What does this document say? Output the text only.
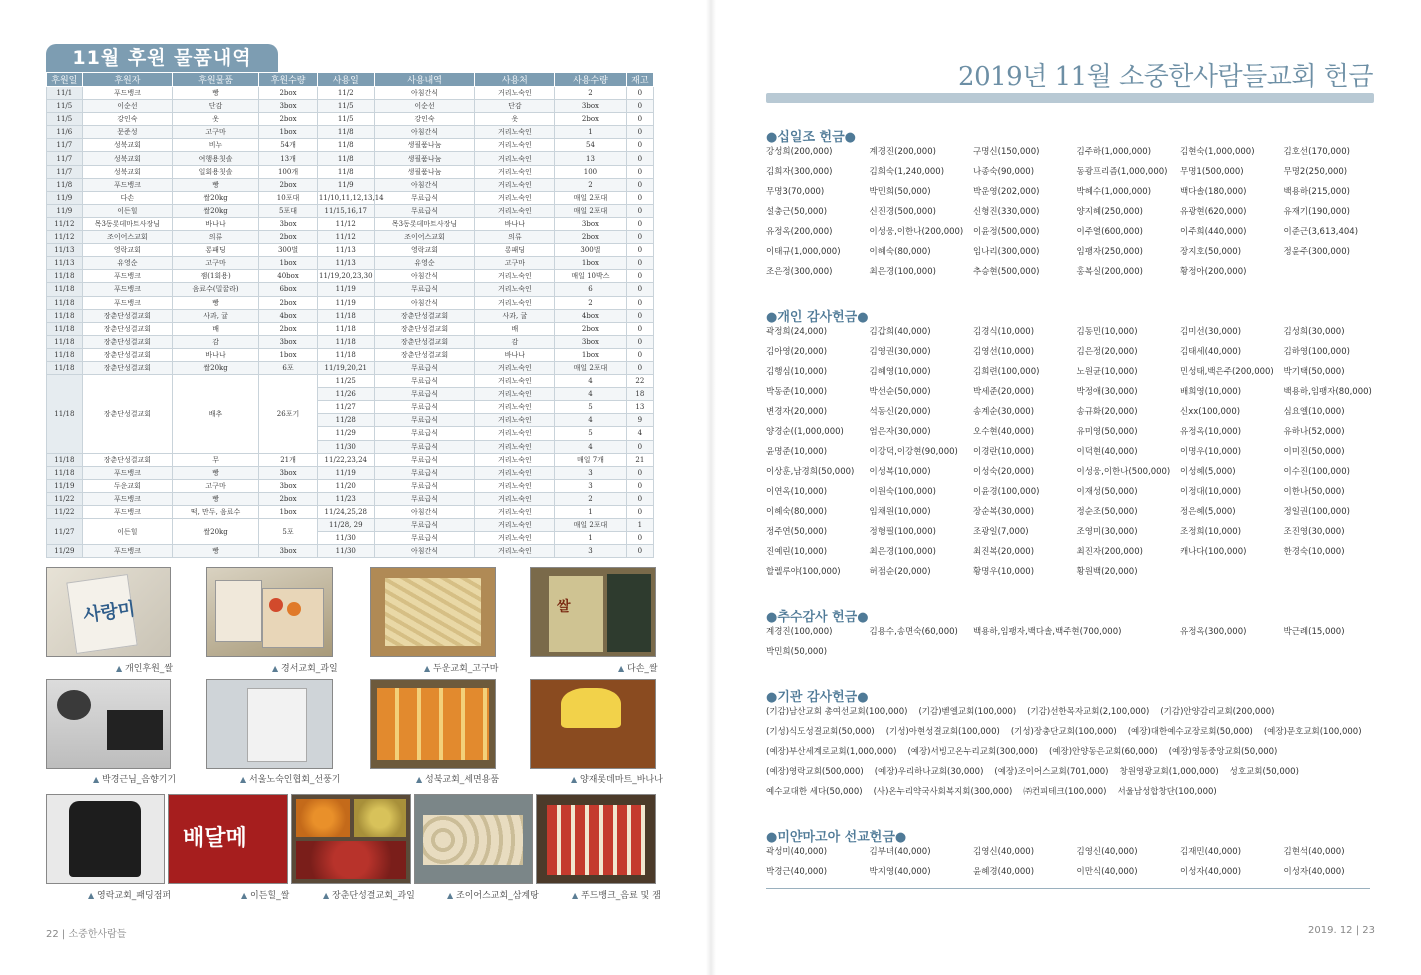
11월 후원 물품내역
후원일	후원자	후원물품	후원수량	사용일	사용내역	사용처	사용수량	재고
11/1	푸드뱅크	빵	2box	11/2	아침간식	거리노숙인	2	0
11/5	이순선	단감	3box	11/5	이순선	단감	3box	0
11/5	강인숙	옷	2box	11/5	강인숙	옷	2box	0
11/6	문준성	고구마	1box	11/8	아침간식	거리노숙인	1	0
11/7	성북교회	비누	54개	11/8	생필품나눔	거리노숙인	54	0
11/7	성북교회	여행용칫솔	13개	11/8	생필품나눔	거리노숙인	13	0
11/7	성북교회	일회용칫솔	100개	11/8	생필품나눔	거리노숙인	100	0
11/8	푸드뱅크	빵	2box	11/9	아침간식	거리노숙인	2	0
11/9	다손	쌀20kg	10포대	11/10,11,12,13,14	무료급식	거리노숙인	매일 2포대	0
11/9	이든힐	쌀20kg	5포대	11/15,16,17	무료급식	거리노숙인	매일 2포대	0
11/12	목3동롯데마트사장님	바나나	3box	11/12	목3동롯데마트사장님	바나나	3box	0
11/12	조이어스교회	의류	2box	11/12	조이어스교회	의류	2box	0
11/13	영락교회	롱패딩	300벌	11/13	영락교회	롱패딩	300벌	0
11/13	유영순	고구마	1box	11/13	유영순	고구마	1box	0
11/18	푸드뱅크	잼(1회용)	40box	11/19,20,23,30	아침간식	거리노숙인	매일 10박스	0
11/18	푸드뱅크	음료수(밀꿀라)	6box	11/19	무료급식	거리노숙인	6	0
11/18	푸드뱅크	빵	2box	11/19	아침간식	거리노숙인	2	0
11/18	장춘단성결교회	사과, 귤	4box	11/18	장춘단성결교회	사과, 귤	4box	0
11/18	장춘단성결교회	배	2box	11/18	장춘단성결교회	배	2box	0
11/18	장춘단성결교회	감	3box	11/18	장춘단성결교회	감	3box	0
11/18	장춘단성결교회	바나나	1box	11/18	장춘단성결교회	바나나	1box	0
11/18	장춘단성결교회	쌀20kg	6포	11/19,20,21	무료급식	거리노숙인	매일 2포대	0
11/18	장춘단성결교회	배추	26포기	11/25	무료급식	거리노숙인	4	22
				11/26	무료급식	거리노숙인	4	18
				11/27	무료급식	거리노숙인	5	13
				11/28	무료급식	거리노숙인	4	9
				11/29	무료급식	거리노숙인	5	4
				11/30	무료급식	거리노숙인	4	0
11/18	장춘단성결교회	무	21개	11/22,23,24	무료급식	거리노숙인	매일 7개	21
11/18	푸드뱅크	빵	3box	11/19	무료급식	거리노숙인	3	0
11/19	두운교회	고구마	3box	11/20	무료급식	거리노숙인	3	0
11/22	푸드뱅크	빵	2box	11/23	무료급식	거리노숙인	2	0
11/22	푸드뱅크	떡, 만두, 음료수	1box	11/24,25,28	아침간식	거리노숙인	1	0
11/27	이든힐	쌀20kg	5포	11/28, 29	무료급식	거리노숙인	매일 2포대	1
				11/30	무료급식	거리노숙인	1	0
11/29	푸드뱅크	빵	3box	11/30	아침간식	거리노숙인	3	0
사랑미	쌀
▲ 개인후원_쌀	▲ 경서교회_과일	▲ 두운교회_고구마	▲ 다손_쌀
▲ 박경근님_음향기기	▲ 서울노숙인협회_선풍기	▲ 성북교회_세면용품	▲ 양재롯데마트_바나나
배달메
▲ 영락교회_패딩점퍼	▲ 이든힐_쌀	▲ 장춘단성결교회_과일	▲ 조이어스교회_삼계탕	▲ 푸드뱅크_음료 및 잼
22 | 소중한사람들
2019년 11월 소중한사람들교회 헌금
●십일조 헌금●
강성희(200,000)	계경진(200,000)	구명신(150,000)	김주하(1,000,000)	김현숙(1,000,000)	김호선(170,000)
김희자(300,000)	김희숙(1,240,000)	나종숙(90,000)	동광프리즘(1,000,000)	무명1(500,000)	무명2(250,000)
무명3(70,000)	박민희(50,000)	박운영(202,000)	박혜수(1,000,000)	백다솔(180,000)	백용하(215,000)
설충근(50,000)	신진경(500,000)	신형진(330,000)	양지혜(250,000)	유광현(620,000)	유재기(190,000)
유정옥(200,000)	이성웅,이한나(200,000)	이윤정(500,000)	이주열(600,000)	이주희(440,000)	이준근(3,613,404)
이태규(1,000,000)	이혜숙(80,000)	임나리(300,000)	임팽자(250,000)	장지호(50,000)	정윤주(300,000)
조은정(300,000)	최은경(100,000)	추승현(500,000)	홍복실(200,000)	황정아(200,000)
●개인 감사헌금●
곽정희(24,000)	김갑희(40,000)	김경식(10,000)	김동민(10,000)	김미선(30,000)	김성희(30,000)
김아영(20,000)	김영권(30,000)	김영선(10,000)	김은정(20,000)	김태세(40,000)	김하영(100,000)
김행심(10,000)	김혜영(10,000)	김희련(100,000)	노원균(10,000)	민성태,백은주(200,000)	박기택(50,000)
박동준(10,000)	박선순(50,000)	박세준(20,000)	박정애(30,000)	배희영(10,000)	백용하,임팽자(80,000)
변경자(20,000)	석동신(20,000)	송계순(30,000)	송규화(20,000)	신xx(100,000)	심요엘(10,000)
양경순((1,000,000)	엄은자(30,000)	오수현(40,000)	유미영(50,000)	유정옥(10,000)	유하나(52,000)
윤명준(10,000)	이강덕,이강현(90,000)	이경란(10,000)	이덕현(40,000)	이명우(10,000)	이미진(50,000)
이상훈,남경희(50,000)	이성복(10,000)	이성숙(20,000)	이성웅,이한나(500,000)	이성혜(5,000)	이수진(100,000)
이연옥(10,000)	이원숙(100,000)	이윤경(100,000)	이재성(50,000)	이정대(10,000)	이한나(50,000)
이혜숙(80,000)	임채원(10,000)	장순복(30,000)	정순조(50,000)	정은혜(5,000)	정일권(100,000)
정주연(50,000)	정형필(100,000)	조광일(7,000)	조영미(30,000)	조정희(10,000)	조진영(30,000)
진예린(10,000)	최은경(100,000)	최진복(20,000)	최진자(200,000)	캐나다(100,000)	한경숙(10,000)
할렐루야(100,000)	허점순(20,000)	황명우(10,000)	황원백(20,000)
●추수감사 헌금●
계경진(100,000)	김용수,송면숙(60,000)	백용하,임팽자,백다솔,백주현(700,000)	유정옥(300,000)	박근례(15,000)
박민희(50,000)
●기관 감사헌금●
(기감)남산교회 총여선교회(100,000) (기감)벧엘교회(100,000) (기감)선한목자교회(2,100,000) (기감)안양감리교회(200,000)(기성)식도성결교회(50,000) (기성)아현성결교회(100,000) (기성)장충단교회(100,000) (예장)대한예수교장로회(50,000) (예장)문호교회(100,000)(예장)부산세계로교회(1,000,000) (예장)서빙고온누리교회(300,000) (예장)안양동은교회(60,000) (예장)영동중앙교회(50,000)(예장)영락교회(500,000) (예장)우리하나교회(30,000) (예장)조이어스교회(701,000) 창원영광교회(1,000,000) 성호교회(50,000)예수교대한 세다(50,000) (사)온누리약국사회복지회(300,000) ㈜컨피테크(100,000) 서울남성합창단(100,000)
●미얀마고아 선교헌금●
곽성미(40,000)	김부녀(40,000)	김영신(40,000)	김영신(40,000)	김재민(40,000)	김현석(40,000)
박경근(40,000)	박지영(40,000)	윤혜경(40,000)	이만식(40,000)	이성자(40,000)	이성자(40,000)
2019. 12 | 23
